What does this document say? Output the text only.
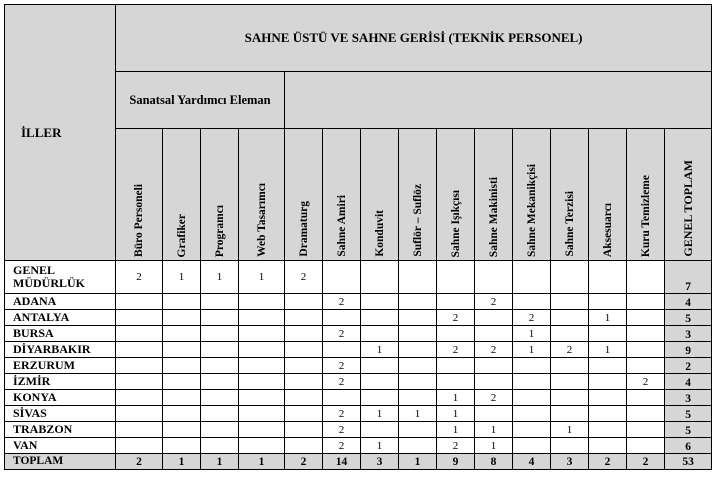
İLLER	SAHNE ÜSTÜ VE SAHNE GERİSİ (TEKNİK PERSONEL)														
	Sanatsal Yardımcı Eleman														
	Büro Personeli	Grafiker	Programcı	Web Tasarımcı	Dramaturg	Sahne Amiri	Konduvit	Suflör – Suflöz	Sahne Işıkçısı	Sahne Makinisti	Sahne Mekanikçisi	Sahne Terzisi	Aksesuarcı	Kuru Temizleme	GENEL TOPLAM
GENEL MÜDÜRLÜK	2	1	1	1	2										7
ADANA						2				2					4
ANTALYA									2		2		1		5
BURSA						2					1				3
DİYARBAKIR							1		2	2	1	2	1		9
ERZURUM						2									2
İZMİR						2								2	4
KONYA									1	2					3
SİVAS						2	1	1	1						5
TRABZON						2			1	1		1			5
VAN						2	1		2	1					6
TOPLAM	2	1	1	1	2	14	3	1	9	8	4	3	2	2	53
